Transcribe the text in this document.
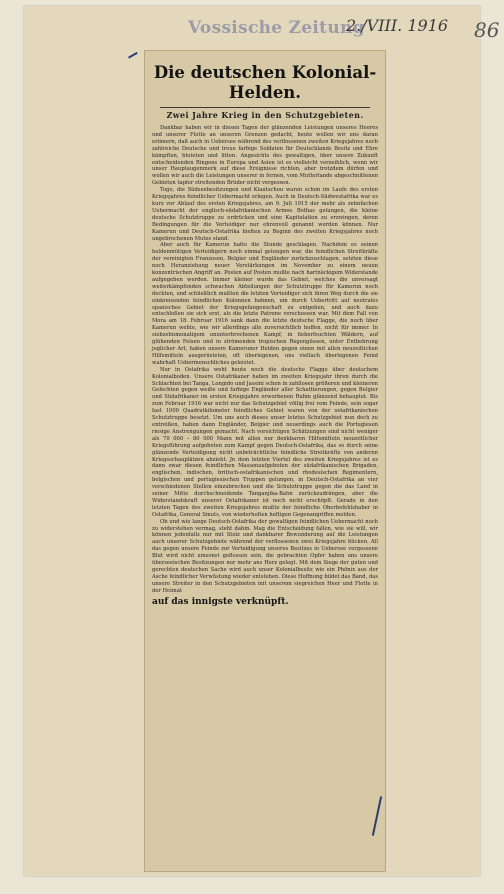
Vossische Zeitung
2./VIII. 1916 86
Die deutschen Kolonial-Helden.
Zwei Jahre Krieg in den Schutzgebieten.

Dankbar haben wir in diesen Tagen der glänzenden Leistungen unseres Heeres und unserer Flotte an unseren Grenzen gedacht, heute wollen wir uns daran erinnern, daß auch in Uebersee während des verflossenen zweiten Kriegsjahres noch zahlreiche Deutsche und treue farbige Soldaten für Deutschlands Besitz und Ehre kämpften, bluteten und litten. Angesichts des gewaltigen, über unsere Zukunft entscheidenden Ringens in Europa und Asien ist es vielleicht verzeihlich, wenn wir unser Hauptaugenmerk auf diese Ereignisse richten, aber trotzdem dürfen und wollen wir auch die Leistungen unserer in fernen, vom Mutterlande abgeschnittenen Gebieten tapfer streitenden Brüder nicht vergessen.

Togo, die Südseebesitzungen und Kiautschou waren schon im Laufe des ersten Kriegsjahres feindlicher Uebermacht erlegen. Auch in Deutsch-Südwestafrika war es kurz vor Ablauf des ersten Kriegsjahres, am 9. Juli 1915 der mehr als zehnfachen Uebermacht der englisch-südafrikanischen Armee Bothas gelungen, die kleine deutsche Schutztruppe zu erdrücken und eine Kapitulation zu erzwingen, deren Bedingungen für die Verteidiger nur ehrenvoll genannt werden können. Nur Kamerun und Deutsch-Ostafrika hielten zu Beginn des zweiten Kriegsjahres noch ungebrochenen Mutes stand.

Aber auch für Kamerun hatte die Stunde geschlagen. Nachdem es seinen heldenmütigen Verteidigern noch einmal gelungen war, die feindlichen Streitkräfte der vereinigten Franzosen, Belgier und Engländer zurückzuschlagen, setzten diese noch Heranziehung neuer Verstärkungen im November zu einem neuen konzentrischen Angriff an. Posten auf Posten mußte nach hartnäckigem Widerstande aufgegeben werden. Immer kleiner wurde das Gebiet, welches die unversagt weiterkämpfenden schwachen Abteilungen der Schutztruppe für Kamerun noch deckten, und schließlich mußten die letzten Verteidiger sich ihren Weg durch die sie einkreisenden feindlichen Kolonnen bahnen, um durch Uebertritt auf neutrales spanisches Gebiet der Kriegsgefangenschaft zu entgehen, und auch dazu entschloßen sie sich erst, als die letzte Patrone verschossen war. Mit dem Fall von Mora am 18. Februar 1916 sank dann die letzte deutsche Flagge, die noch über Kamerun wehte, wie wir allerdings alle zuversichtlich hoffen, nicht für immer. In siebzehnmonatigem ununterbrochenen Kampf, in fieberfeuchten Wäldern, auf glühenden Felsen und in strömenden tropischen Regengüssen, unter Entbehrung jeglicher Art, haben unsere Kameruner Helden gegen einen mit allen neuzeitlichen Hilfsmitteln ausgerüsteten, oft überlegenen, uns vielfach überlegenen Feind wahrhaft Uebermenschliches geleistet.

Nur in Ostafrika weht heute noch die deutsche Flagge über deutschem Kolonialboden. Unsere Ostafrikaner haben im zweiten Kriegsjahr ihren durch die Schlachten bei Tanga, Longido und Jassini schon in zahllosen größeren und kleineren Gefechten gegen weiße und farbige Engländer aller Schattierungen, gegen Belgier und Südafrikaner im ersten Kriegsjahre erworbenen Ruhm glänzend behauptet. Bis zum Februar 1916 war nicht nur das Schutzgebiet völlig frei vom Feinde, sein sogar fast 1000 Quadratkilometer feindliches Gebiet waren von der ostafrikanischen Schutztruppe besetzt. Um uns auch dieses unser letztes Schutzgebiet nun doch zu entreißen, haben dann Engländer, Belgier und neuerdings auch die Portugiesen riesige Anstrengungen gemacht. Nach vorsichtigen Schätzungen sind nicht weniger als 70 000 – 80 000 Mann mit allen nur denkbaren Hilfsmitteln neuzeitlicher Kriegsführung aufgeboten zum Kampf gegen Deutsch-Ostafrika, das so durch seine glänzende Verteidigung nicht unbeträchtliche feindliche Streitkräfte von anderen Kriegsschauplätzen abzieht. Jn dem letzten Viertel des zweiten Kriegsjahres ist es dann zwar diesen feindlichen Massenaufgeboten der südafrikanischen Brigaden, englischen, indischen, britisch-ostafrikanischen und rhodesischen Regimentern, belgischen und portugiesischen Truppen gelungen, in Deutsch-Ostafrika an vier verschiedenen Stellen einzubrechen und die Schutztruppe gegen die das Land in seiner Mitte durchschneidende Tanganjika-Bahn zurückzudrängen, aber die Widerstandskraft unserer Ostafrikaner ist noch nicht erschöpft. Gerade in den letzten Tagen des zweiten Kriegsjahres mußte der feindliche Oberbefehlshaber in Ostafrika, General Smuts, von wiederholten heftigen Gegenangriffen melden.

Ob und wie lange Deutsch-Ostafrika der gewaltigen feindlichen Uebermacht noch zu widerstehen vermag, steht dahin. Mag die Entscheidung fallen, wie sie will, wir können jedenfalls nur mit Stolz und dankbarer Bewunderung auf die Leistungen auch unserer Schutzgebiete während der verflossenen zwei Kriegsjahre blicken. All das gegen unsere Feinde zur Verteidigung unseres Besitzes in Uebersee vergossene Blut wird nicht umsonst geflossen sein, die gebrachten Opfer haben uns unsere überseeischen Besitzungen nur mehr ans Herz gelegt. Mit dem Siege der guten und gerechten deutschen Sache wird auch unser Kolonialbesitz wie ein Phönix aus der Asche feindlicher Verwüstung wieder entstehen. Diese Hoffnung bildet das Band, das unsere Streiter in den Schutzgebieten mit unserem siegreichen Heer und Flotte in der Heimat

auf das innigste verknüpft.
